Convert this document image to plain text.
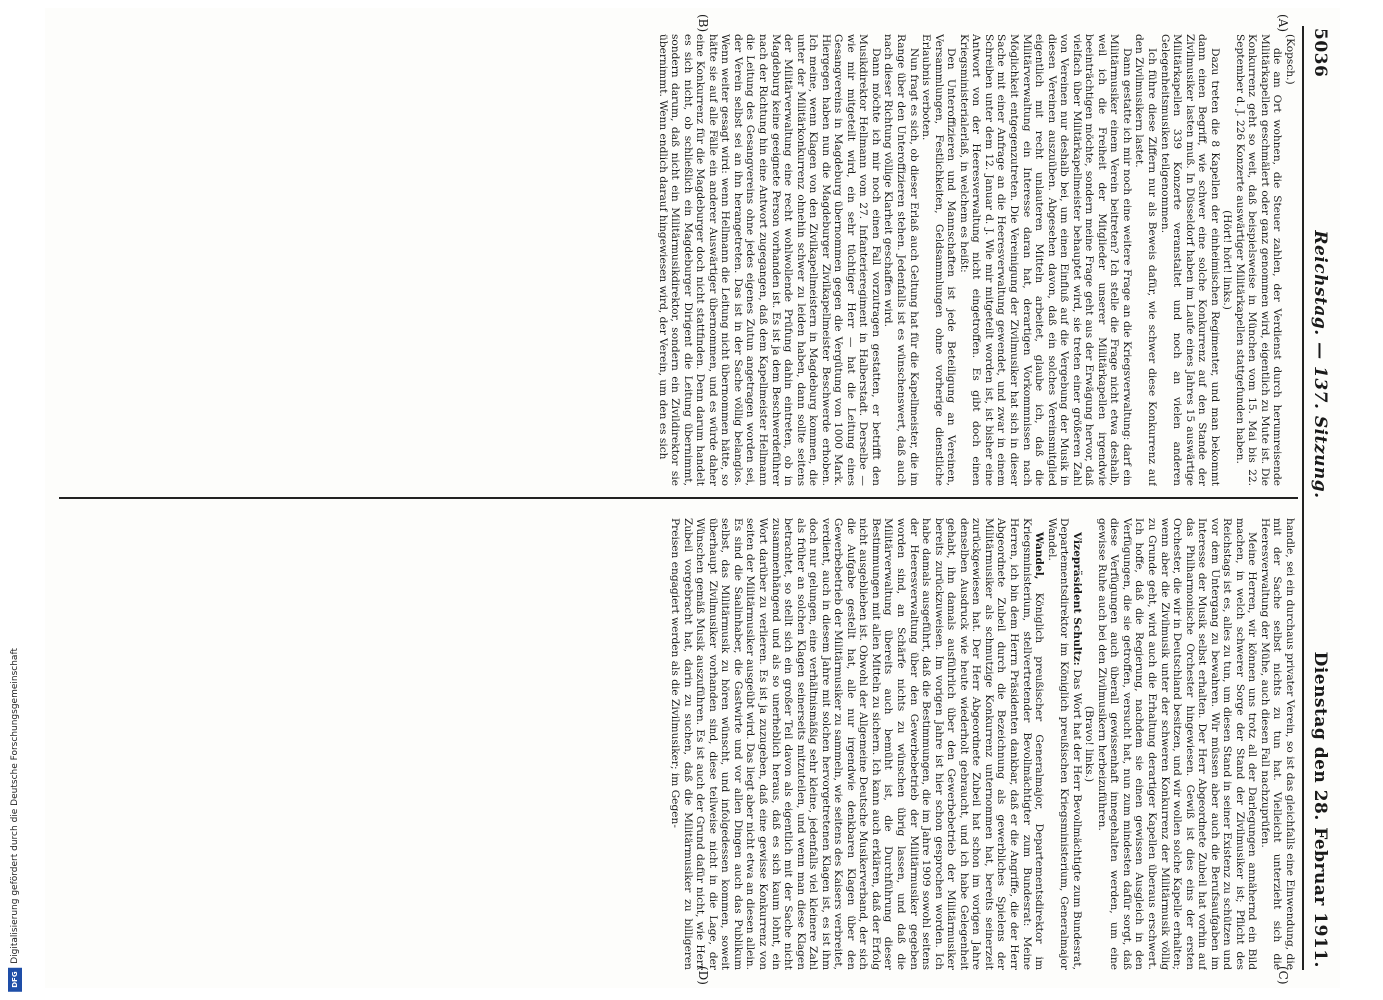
5036
Reichstag. — 137. Sitzung.
Dienstag den 28. Februar 1911.
(A)
(B)
(C)
(D)

(Kopsch.)

die am Ort wohnen, die Steuer zahlen, der Verdienst durch herumreisende Militärkapellen geschmälert oder ganz genommen wird, eigentlich zu Mute ist. Die Konkurrenz geht so weit, daß beispielsweise in München vom 15. Mai bis 22. September d. J. 226 Konzerte auswärtiger Militärkapellen stattgefunden haben.

(Hört! hört! links.)

Dazu treten die 8 Kapellen der einheimischen Regimenter, und man bekommt dann einen Begriff, wie schwer eine solche Konkurrenz auf den Stande der Zivilmusiker lasten muß. In Düsseldorf haben im Laufe eines Jahres 15 auswärtige Militärkapellen 339 Konzerte veranstaltet und noch an vielen anderen Gelegenheitsmusiken teilgenommen.

Ich führe diese Ziffern nur als Beweis dafür, wie schwer diese Konkurrenz auf den Zivilmusikern lastet.

Dann gestatte ich mir noch eine weitere Frage an die Kriegsverwaltung: darf ein Militärmusiker einem Verein beitreten? Ich stelle die Frage nicht etwa deshalb, weil ich die Freiheit der Mitglieder unserer Militärkapellen irgendwie beeinträchtigen möchte, sondern meine Frage geht aus der Erwägung hervor, daß vielfach über Militärkapellmeister behauptet wird, sie treten einer größeren Zahl von Vereinen nur deshalb bei, um einen Einfluß auf die Vergebung der Musik in diesen Vereinen auszuüben. Abgesehen davon, daß ein solches Vereinsmitglied eigentlich mit recht unlauteren Mitteln arbeitet, glaube ich, daß die Militärverwaltung ein Interesse daran hat, derartigen Vorkommnissen nach Möglichkeit entgegenzutreten. Die Vereinigung der Zivilmusiker hat sich in dieser Sache mit einer Anfrage an die Heeresverwaltung gewendet, und zwar in einem Schreiben unter dem 12. Januar d. J. Wie mir mitgeteilt worden ist, ist bisher eine Antwort von der Heeresverwaltung nicht eingetroffen. Es gibt doch einen Kriegsministerialerlaß, in welchem es heißt:

Den Unteroffizieren und Mannschaften ist jede Beteiligung an Vereinen, Versammlungen, Festlichkeiten, Geldsammlungen ohne vorherige dienstliche Erlaubnis verboten.

Nun fragt es sich, ob dieser Erlaß auch Geltung hat für die Kapellmeister, die im Range über den Unteroffizieren stehen. Jedenfalls ist es wünschenswert, daß auch nach dieser Richtung völlige Klarheit geschaffen wird.

Dann möchte ich mir noch einen Fall vorzutragen gestatten, er betrifft den Musikdirektor Hellmann vom 27. Infanterieregiment in Halberstadt. Derselbe — wie mir mitgeteilt wird, ein sehr tüchtiger Herr — hat die Leitung eines Gesangvereins in Magdeburg übernommen gegen die Vergütung von 1000 Mark. Hiergegen haben nun die Magdeburger Zivilkapellmeister Beschwerde erhoben. Ich meine, wenn Klagen von den Zivilkapellmeistern in Magdeburg kommen, die unter der Militärkonkurrenz ohnehin schwer zu leiden haben, dann sollte seitens der Militärverwaltung eine recht wohlwollende Prüfung dahin eintreten, ob in Magdeburg keine geeignete Person vorhanden ist. Es ist ja dem Beschwerdeführer nach der Richtung hin eine Antwort zugegangen, daß dem Kapellmeister Hellmann die Leitung des Gesangvereins ohne jedes eigenes Zutun angetragen worden sei, der Verein selbst sei an ihn herangetreten. Das ist in der Sache völlig belanglos. Wenn weiter gesagt wird: wenn Hellmann die Leitung nicht übernommen hätte, so hätte sie auf alle Fälle ein anderer Auswärtiger übernommen, und es würde daher eine Konkurrenz für die Magdeburger doch nicht stattfinden. Denn darum handelt es sich nicht, ob schließlich ein Magdeburger Dirigent die Leitung übernimmt, sondern darum, daß nicht ein Militärmusikdirektor, sondern ein Zivildirektor sie übernimmt. Wenn endlich darauf hingewiesen wird, der Verein, um den es sich

handle, sei ein durchaus privater Verein, so ist das gleichfalls eine Einwendung, die mit der Sache selbst nichts zu tun hat. Vielleicht unterzieht sich die Heeresverwaltung der Mühe, auch diesen Fall nachzuprüfen.

Meine Herren, wir können uns trotz all der Darlegungen annähernd ein Bild machen, in welch schwerer Sorge der Stand der Zivilmusiker ist; Pflicht des Reichstags ist es, alles zu tun, um diesen Stand in seiner Existenz zu schützen und vor dem Untergang zu bewahren. Wir müssen aber auch die Berufsaufgaben im Interesse der Musik selbst erhalten. Der Herr Abgeordnete Zubeil hat vorhin auf das Philharmonische Orchester hingewiesen. Gewiß ist dies eins der ersten Orchester, die wir in Deutschland besitzen, und wir wollen solche Kapelle erhalten; wenn aber die Zivilmusik unter der schweren Konkurrenz der Militärmusik völlig zu Grunde geht, wird auch die Erhaltung derartiger Kapellen überaus erschwert. Ich hoffe, daß die Regierung, nachdem sie einen gewissen Ausgleich in den Verfügungen, die sie getroffen, versucht hat, nun zum mindesten dafür sorgt, daß diese Verfügungen auch überall gewissenhaft innegehalten werden, um eine gewisse Ruhe auch bei den Zivilmusikern herbeizuführen.

(Bravo! links.)

Vizepräsident Schultz: Das Wort hat der Herr Bevollmächtigte zum Bundesrat, Departementsdirektor im Königlich preußischen Kriegsministerium, Generalmajor Wandel.

Wandel, Königlich preußischer Generalmajor, Departementsdirektor im Kriegsministerium, stellvertretender Bevollmächtigter zum Bundesrat: Meine Herren, ich bin dem Herrn Präsidenten dankbar, daß er die Angriffe, die der Herr Abgeordnete Zubeil durch die Bezeichnung als gewerbliches Spielens der Militärmusiker als schmutzige Konkurrenz unternommen hat, bereits seinerzeit zurückgewiesen hat. Der Herr Abgeordnete Zubeil hat schon im vorigen Jahre denselben Ausdruck wie heute wiederholt gebraucht, und ich habe Gelegenheit gehabt, ihn damals ausführlich über den Gewerbebetrieb der Militärmusiker bereits zurückzuweisen. Im vorigen Jahre ist hier schon gesprochen worden. Ich habe damals ausgeführt, daß die Bestimmungen, die im Jahre 1909 sowohl seitens der Heeresverwaltung über den Gewerbebetrieb der Militärmusiker gegeben worden sind, an Schärfe nichts zu wünschen übrig lassen, und daß die Militärverwaltung übereits auch bemüht ist, die Durchführung dieser Bestimmungen mit allen Mitteln zu sichern. Ich kann auch erklären, daß der Erfolg nicht ausgeblieben ist. Obwohl der Allgemeine Deutsche Musikerverband, der sich die Aufgabe gestellt hat, alle nur irgendwie denkbaren Klagen über den Gewerbebetrieb der Militärmusiker zu sammeln, wie seitens des Kaisers verbreitet, verdient, auch in diesem Jahre mit solchen hervorgetretenen Klagen ist, es ist ihm doch nur gelungen, eine verhältnismäßig sehr kleine, jedenfalls viel kleinere Zahl als früher an solchen Klagen seinerseits mitzuteilen, und wenn man diese Klagen betrachtet, so stellt sich ein großer Teil davon als eigentlich mit der Sache nicht zusammenhängend und als so unerheblich heraus, daß es sich kaum lohnt, ein Wort darüber zu verlieren. Es ist ja zuzugeben, daß eine gewisse Konkurrenz von seiten der Militärmusiker ausgeübt wird. Das liegt aber nicht etwa an diesen allein. Es sind die Saalinhaber, die Gastwirte und vor allen Dingen auch das Publikum selbst, das Militärmusik zu hören wünscht, und infolgedessen kommen, soweit überhaupt Zivilmusiker vorhanden sind, diese teilweise nicht in die Lage, der Wünschen gemäß Musik auszuführen. Es ist auch der Grund dafür nicht, wie Herr Zubeil vorgebracht hat, darin zu suchen, daß die Militärmusiker zu billigeren Preisen engagiert werden als die Zivilmusiker; im Gegen-

DFG
Digitalisierung gefördert durch die Deutsche Forschungsgemeinschaft
